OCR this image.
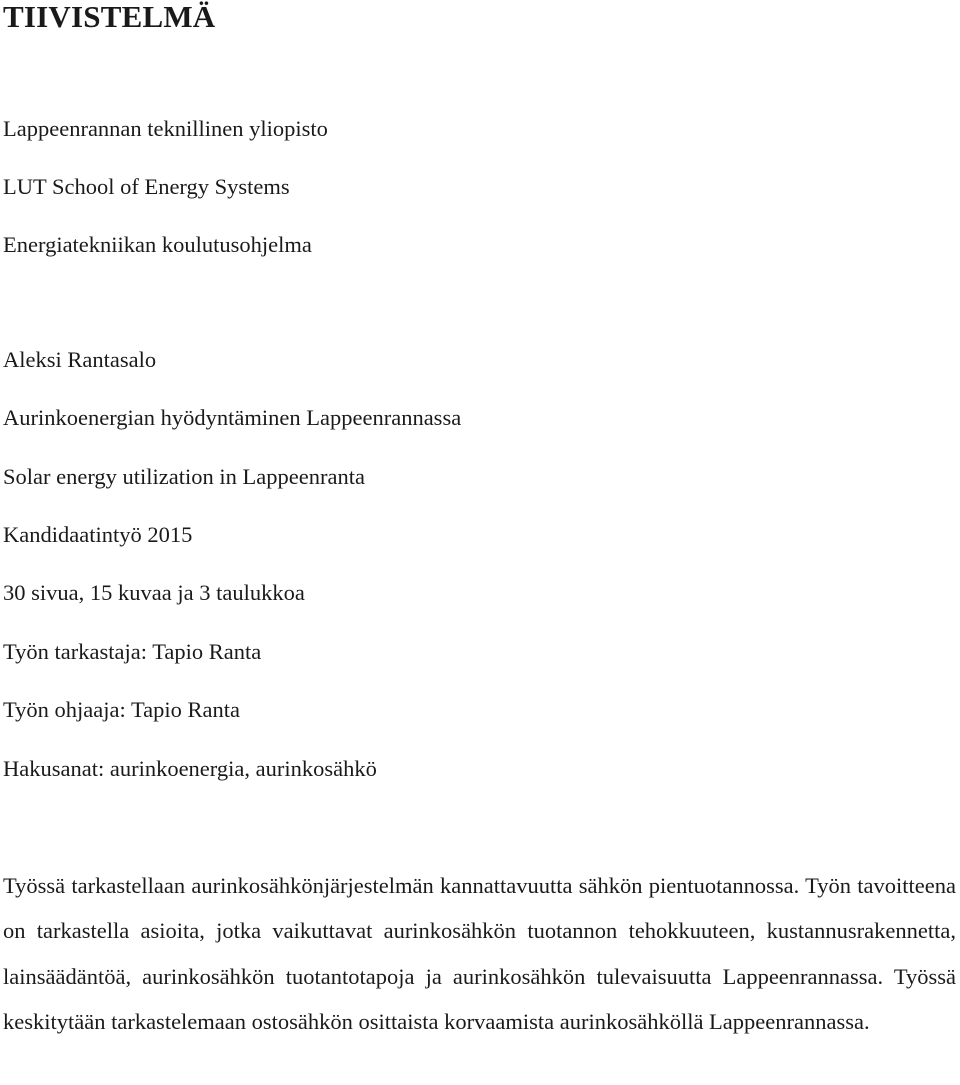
TIIVISTELMÄ

Lappeenrannan teknillinen yliopisto

LUT School of Energy Systems

Energiatekniikan koulutusohjelma

Aleksi Rantasalo

Aurinkoenergian hyödyntäminen Lappeenrannassa

Solar energy utilization in Lappeenranta

Kandidaatintyö 2015

30 sivua, 15 kuvaa ja 3 taulukkoa

Työn tarkastaja: Tapio Ranta

Työn ohjaaja: Tapio Ranta

Hakusanat: aurinkoenergia, aurinkosähkö

Työssä tarkastellaan aurinkosähkönjärjestelmän kannattavuutta sähkön pientuotannossa. Työn tavoitteena on tarkastella asioita, jotka vaikuttavat aurinkosähkön tuotannon tehokkuuteen, kustannusrakennetta, lainsäädäntöä, aurinkosähkön tuotantotapoja ja aurinkosähkön tulevaisuutta Lappeenrannassa. Työssä keskitytään tarkastelemaan ostosähkön osittaista korvaamista aurinkosähköllä Lappeenrannassa.
